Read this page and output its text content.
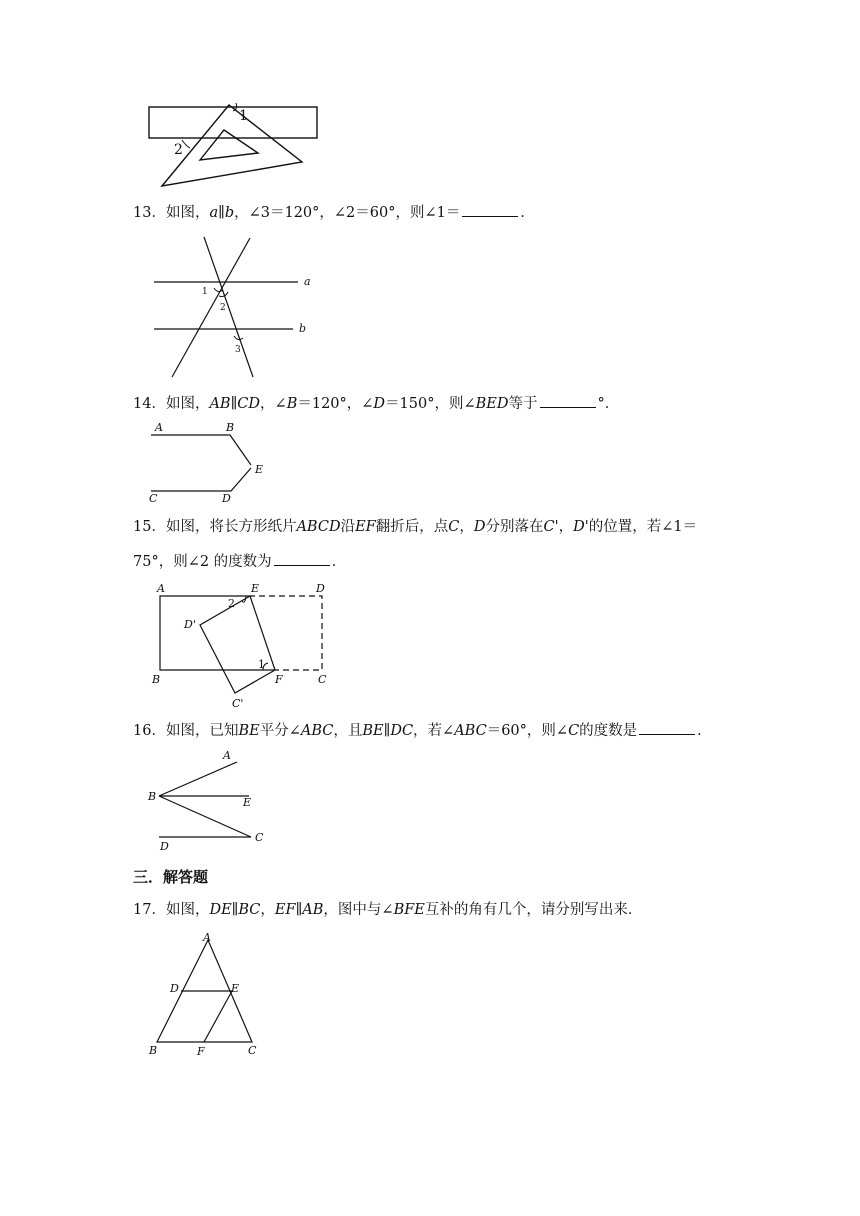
1
2
13．如图，a∥b，∠3＝120°，∠2＝60°，则∠1＝	．
a
b
1
2
3
14．如图，AB∥CD，∠B＝120°，∠D＝150°，则∠BED等于	°．
A	B
E
C	D
15．如图，将长方形纸片ABCD沿EF翻折后，点C，D分别落在C'，D'的位置，若∠1＝
75°，则∠2 的度数为	．
A	E	D
D'
B	F	C
C'
1
2
16．如图，已知BE平分∠ABC，且BE∥DC，若∠ABC＝60°，则∠C的度数是	．
A
B	E
C
D
三．解答题
17．如图，DE∥BC，EF∥AB，图中与∠BFE互补的角有几个，请分别写出来．
A
D	E
B	F	C
